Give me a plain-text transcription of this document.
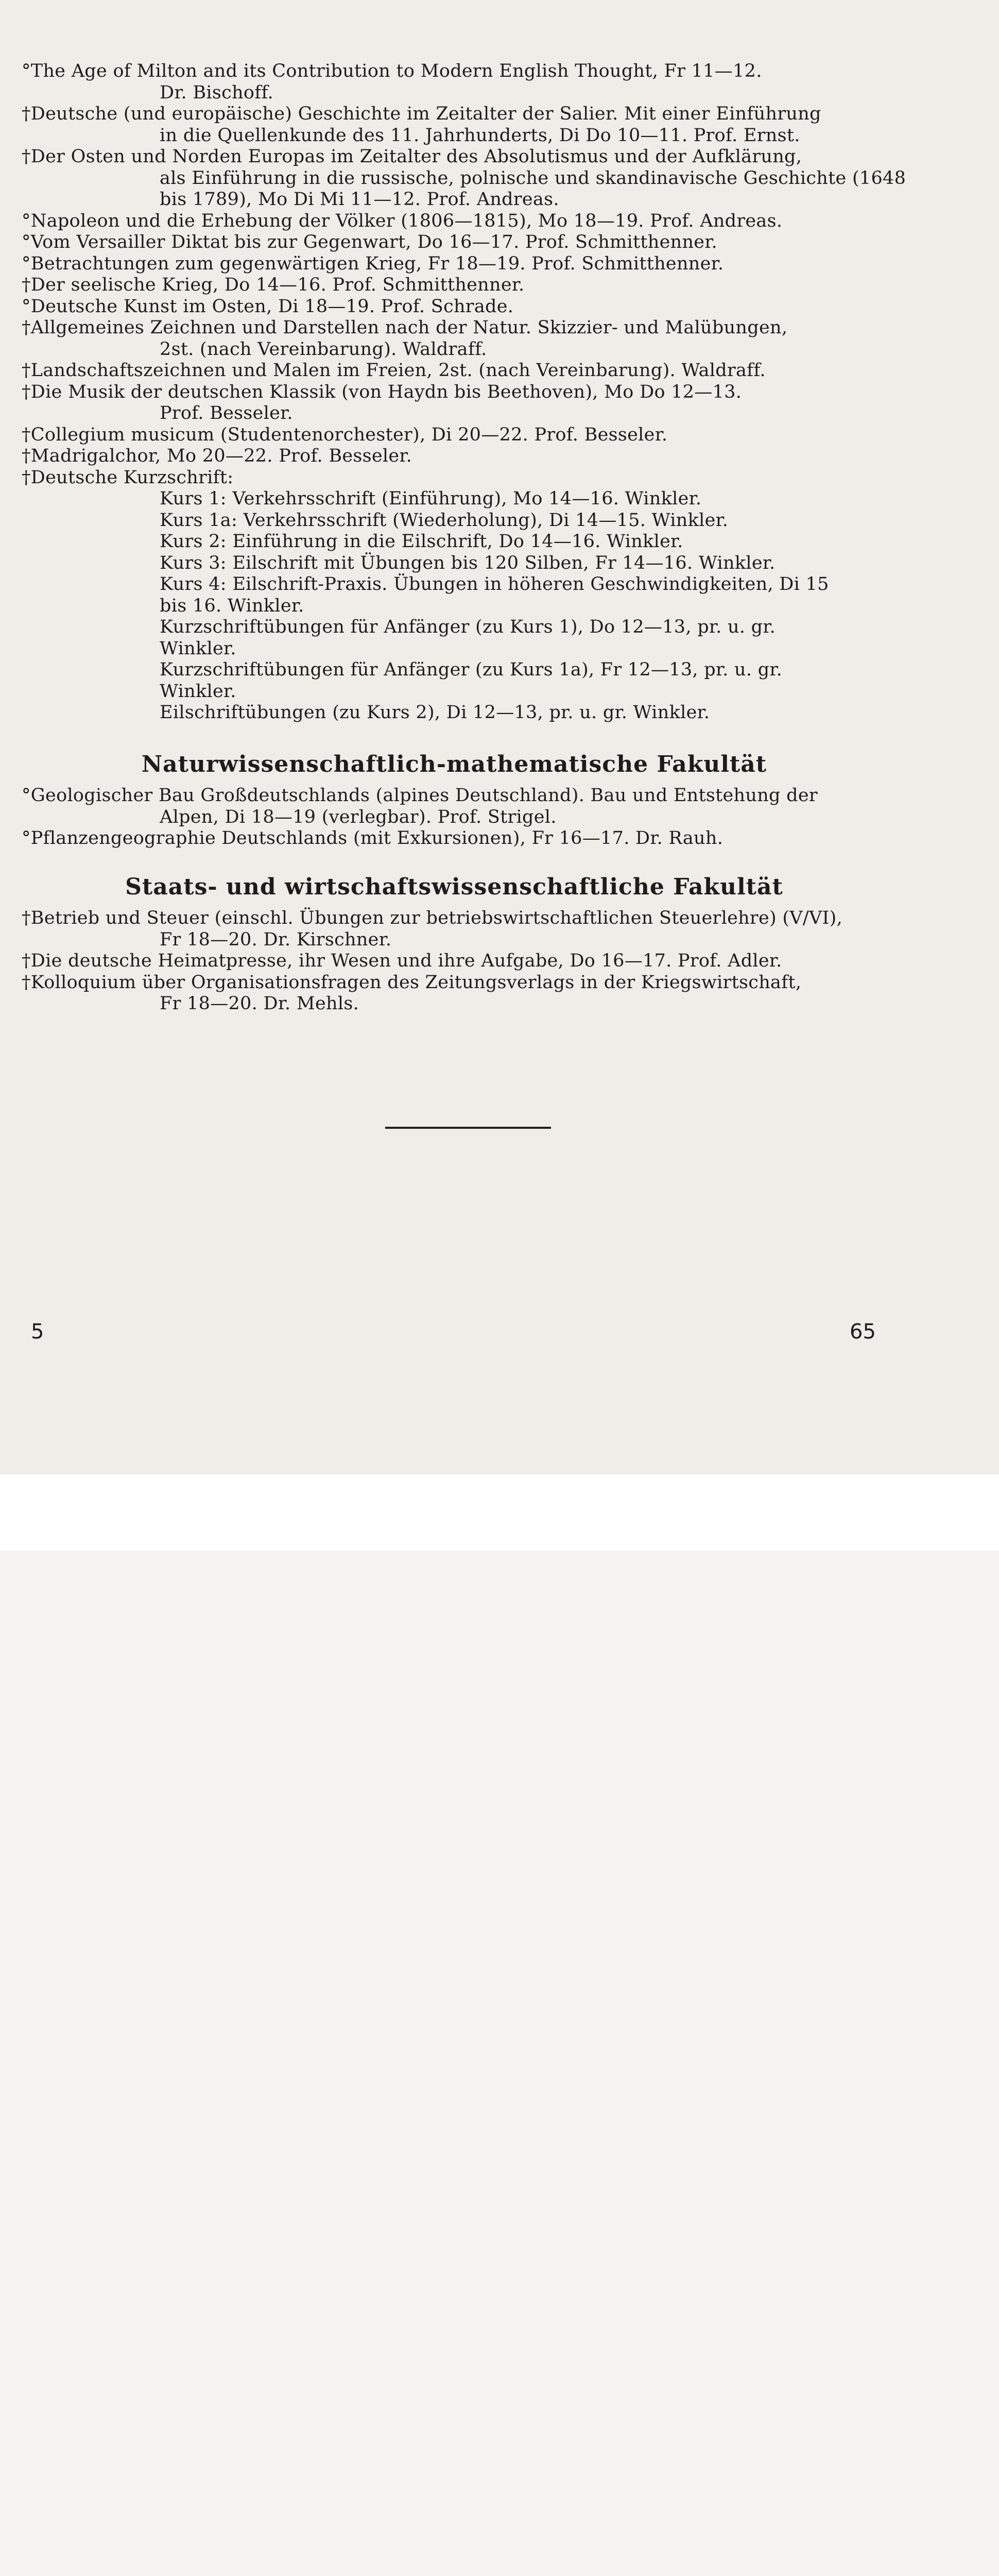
°The Age of Milton and its Contribution to Modern English Thought, Fr 11—12.
Dr. Bischoff.
†Deutsche (und europäische) Geschichte im Zeitalter der Salier. Mit einer Einführung
in die Quellenkunde des 11. Jahrhunderts, Di Do 10—11. Prof. Ernst.
†Der Osten und Norden Europas im Zeitalter des Absolutismus und der Aufklärung,
als Einführung in die russische, polnische und skandinavische Geschichte (1648
bis 1789), Mo Di Mi 11—12. Prof. Andreas.
°Napoleon und die Erhebung der Völker (1806—1815), Mo 18—19. Prof. Andreas.
°Vom Versailler Diktat bis zur Gegenwart, Do 16—17. Prof. Schmitthenner.
°Betrachtungen zum gegenwärtigen Krieg, Fr 18—19. Prof. Schmitthenner.
†Der seelische Krieg, Do 14—16. Prof. Schmitthenner.
°Deutsche Kunst im Osten, Di 18—19. Prof. Schrade.
†Allgemeines Zeichnen und Darstellen nach der Natur. Skizzier- und Malübungen,
2st. (nach Vereinbarung). Waldraff.
†Landschaftszeichnen und Malen im Freien, 2st. (nach Vereinbarung). Waldraff.
†Die Musik der deutschen Klassik (von Haydn bis Beethoven), Mo Do 12—13.
Prof. Besseler.
†Collegium musicum (Studentenorchester), Di 20—22. Prof. Besseler.
†Madrigalchor, Mo 20—22. Prof. Besseler.
†Deutsche Kurzschrift:
Kurs 1: Verkehrsschrift (Einführung), Mo 14—16. Winkler.
Kurs 1a: Verkehrsschrift (Wiederholung), Di 14—15. Winkler.
Kurs 2: Einführung in die Eilschrift, Do 14—16. Winkler.
Kurs 3: Eilschrift mit Übungen bis 120 Silben, Fr 14—16. Winkler.
Kurs 4: Eilschrift-Praxis. Übungen in höheren Geschwindigkeiten, Di 15
bis 16. Winkler.
Kurzschriftübungen für Anfänger (zu Kurs 1), Do 12—13, pr. u. gr.
Winkler.
Kurzschriftübungen für Anfänger (zu Kurs 1a), Fr 12—13, pr. u. gr.
Winkler.
Eilschriftübungen (zu Kurs 2), Di 12—13, pr. u. gr. Winkler.
Naturwissenschaftlich-mathematische Fakultät
°Geologischer Bau Großdeutschlands (alpines Deutschland). Bau und Entstehung der
Alpen, Di 18—19 (verlegbar). Prof. Strigel.
°Pflanzengeographie Deutschlands (mit Exkursionen), Fr 16—17. Dr. Rauh.
Staats- und wirtschaftswissenschaftliche Fakultät
†Betrieb und Steuer (einschl. Übungen zur betriebswirtschaftlichen Steuerlehre) (V/VI),
Fr 18—20. Dr. Kirschner.
†Die deutsche Heimatpresse, ihr Wesen und ihre Aufgabe, Do 16—17. Prof. Adler.
†Kolloquium über Organisationsfragen des Zeitungsverlags in der Kriegswirtschaft,
Fr 18—20. Dr. Mehls.
5	65
